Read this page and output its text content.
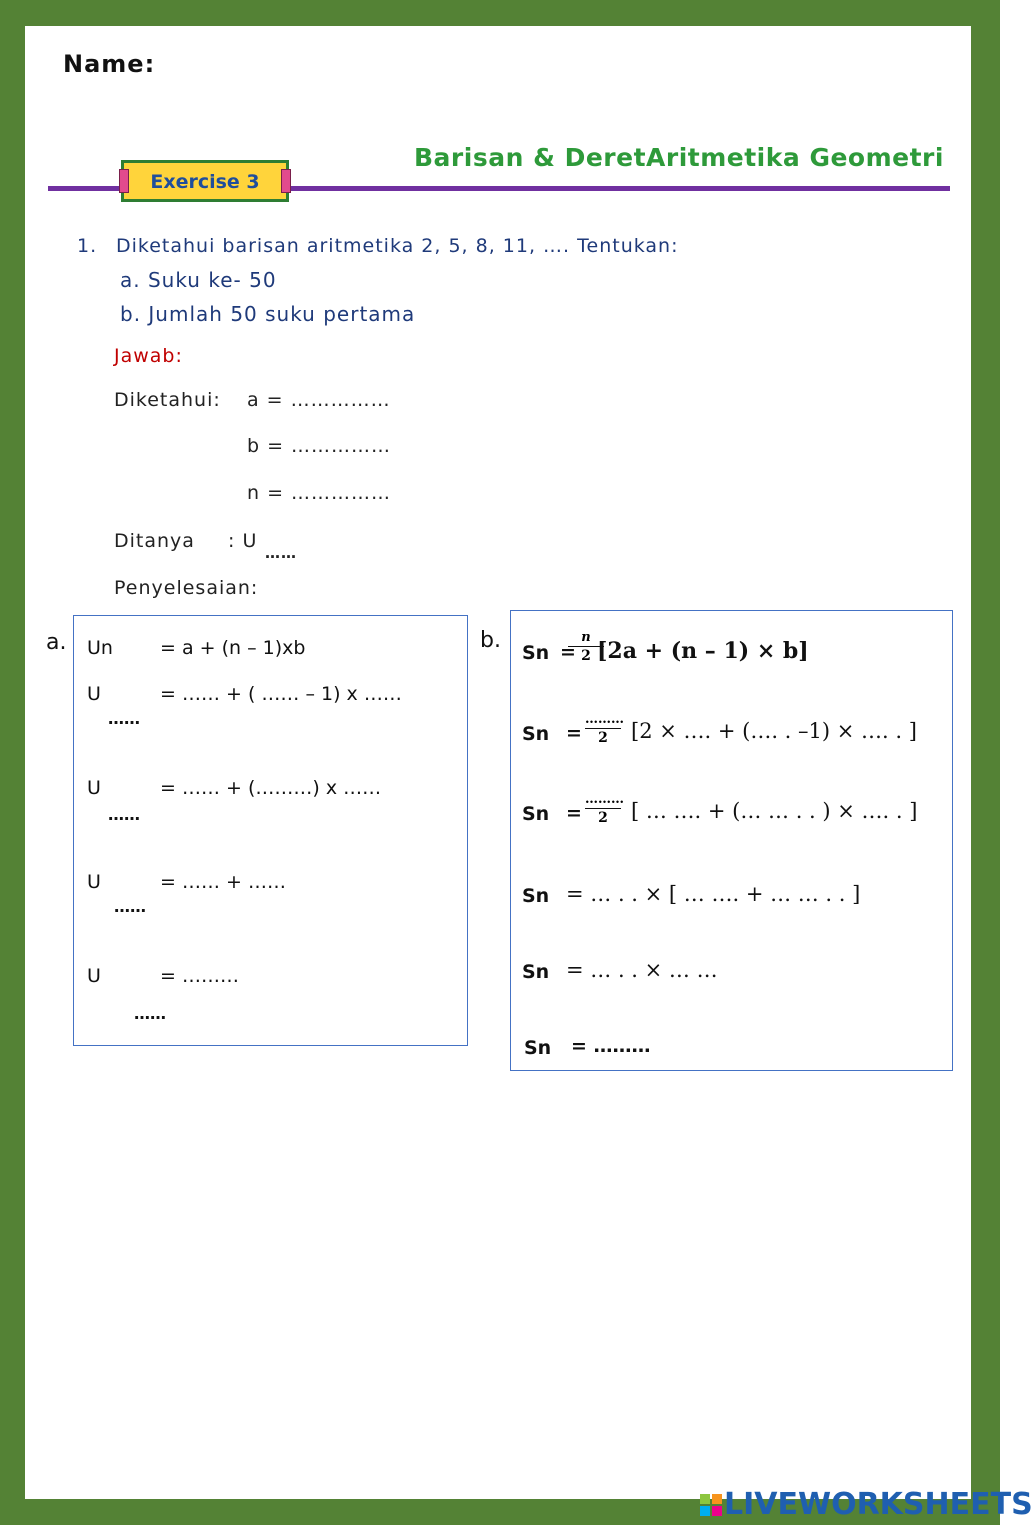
Name:
Barisan & DeretAritmetika Geometri
Exercise 3
1. Diketahui barisan aritmetika 2, 5, 8, 11, …. Tentukan:
a. Suku ke- 50
b. Jumlah 50 suku pertama
Jawab:
Diketahui: a = ……………
b = ……………
n = ……………
Ditanya : U
……
Penyelesaian:
a. Un = a + (n – 1)xb
U
……
= …… + ( …… – 1) x ……
U
……
= …… + (………) x ……
U
……
= …… + ……
U
……
= ………
b. Sn =
$\frac{n}{2}$
[2a + (n – 1) × b]
Sn =
………
2	[2 × …. + (…. . –1) × …. . ]
Sn =
………
2	[ … …. + (… … . . ) × …. . ]
Sn = … . . × [ … …. + … … . . ]
Sn = … . . × … …
Sn = ………
LIVEWORKSHEETS
